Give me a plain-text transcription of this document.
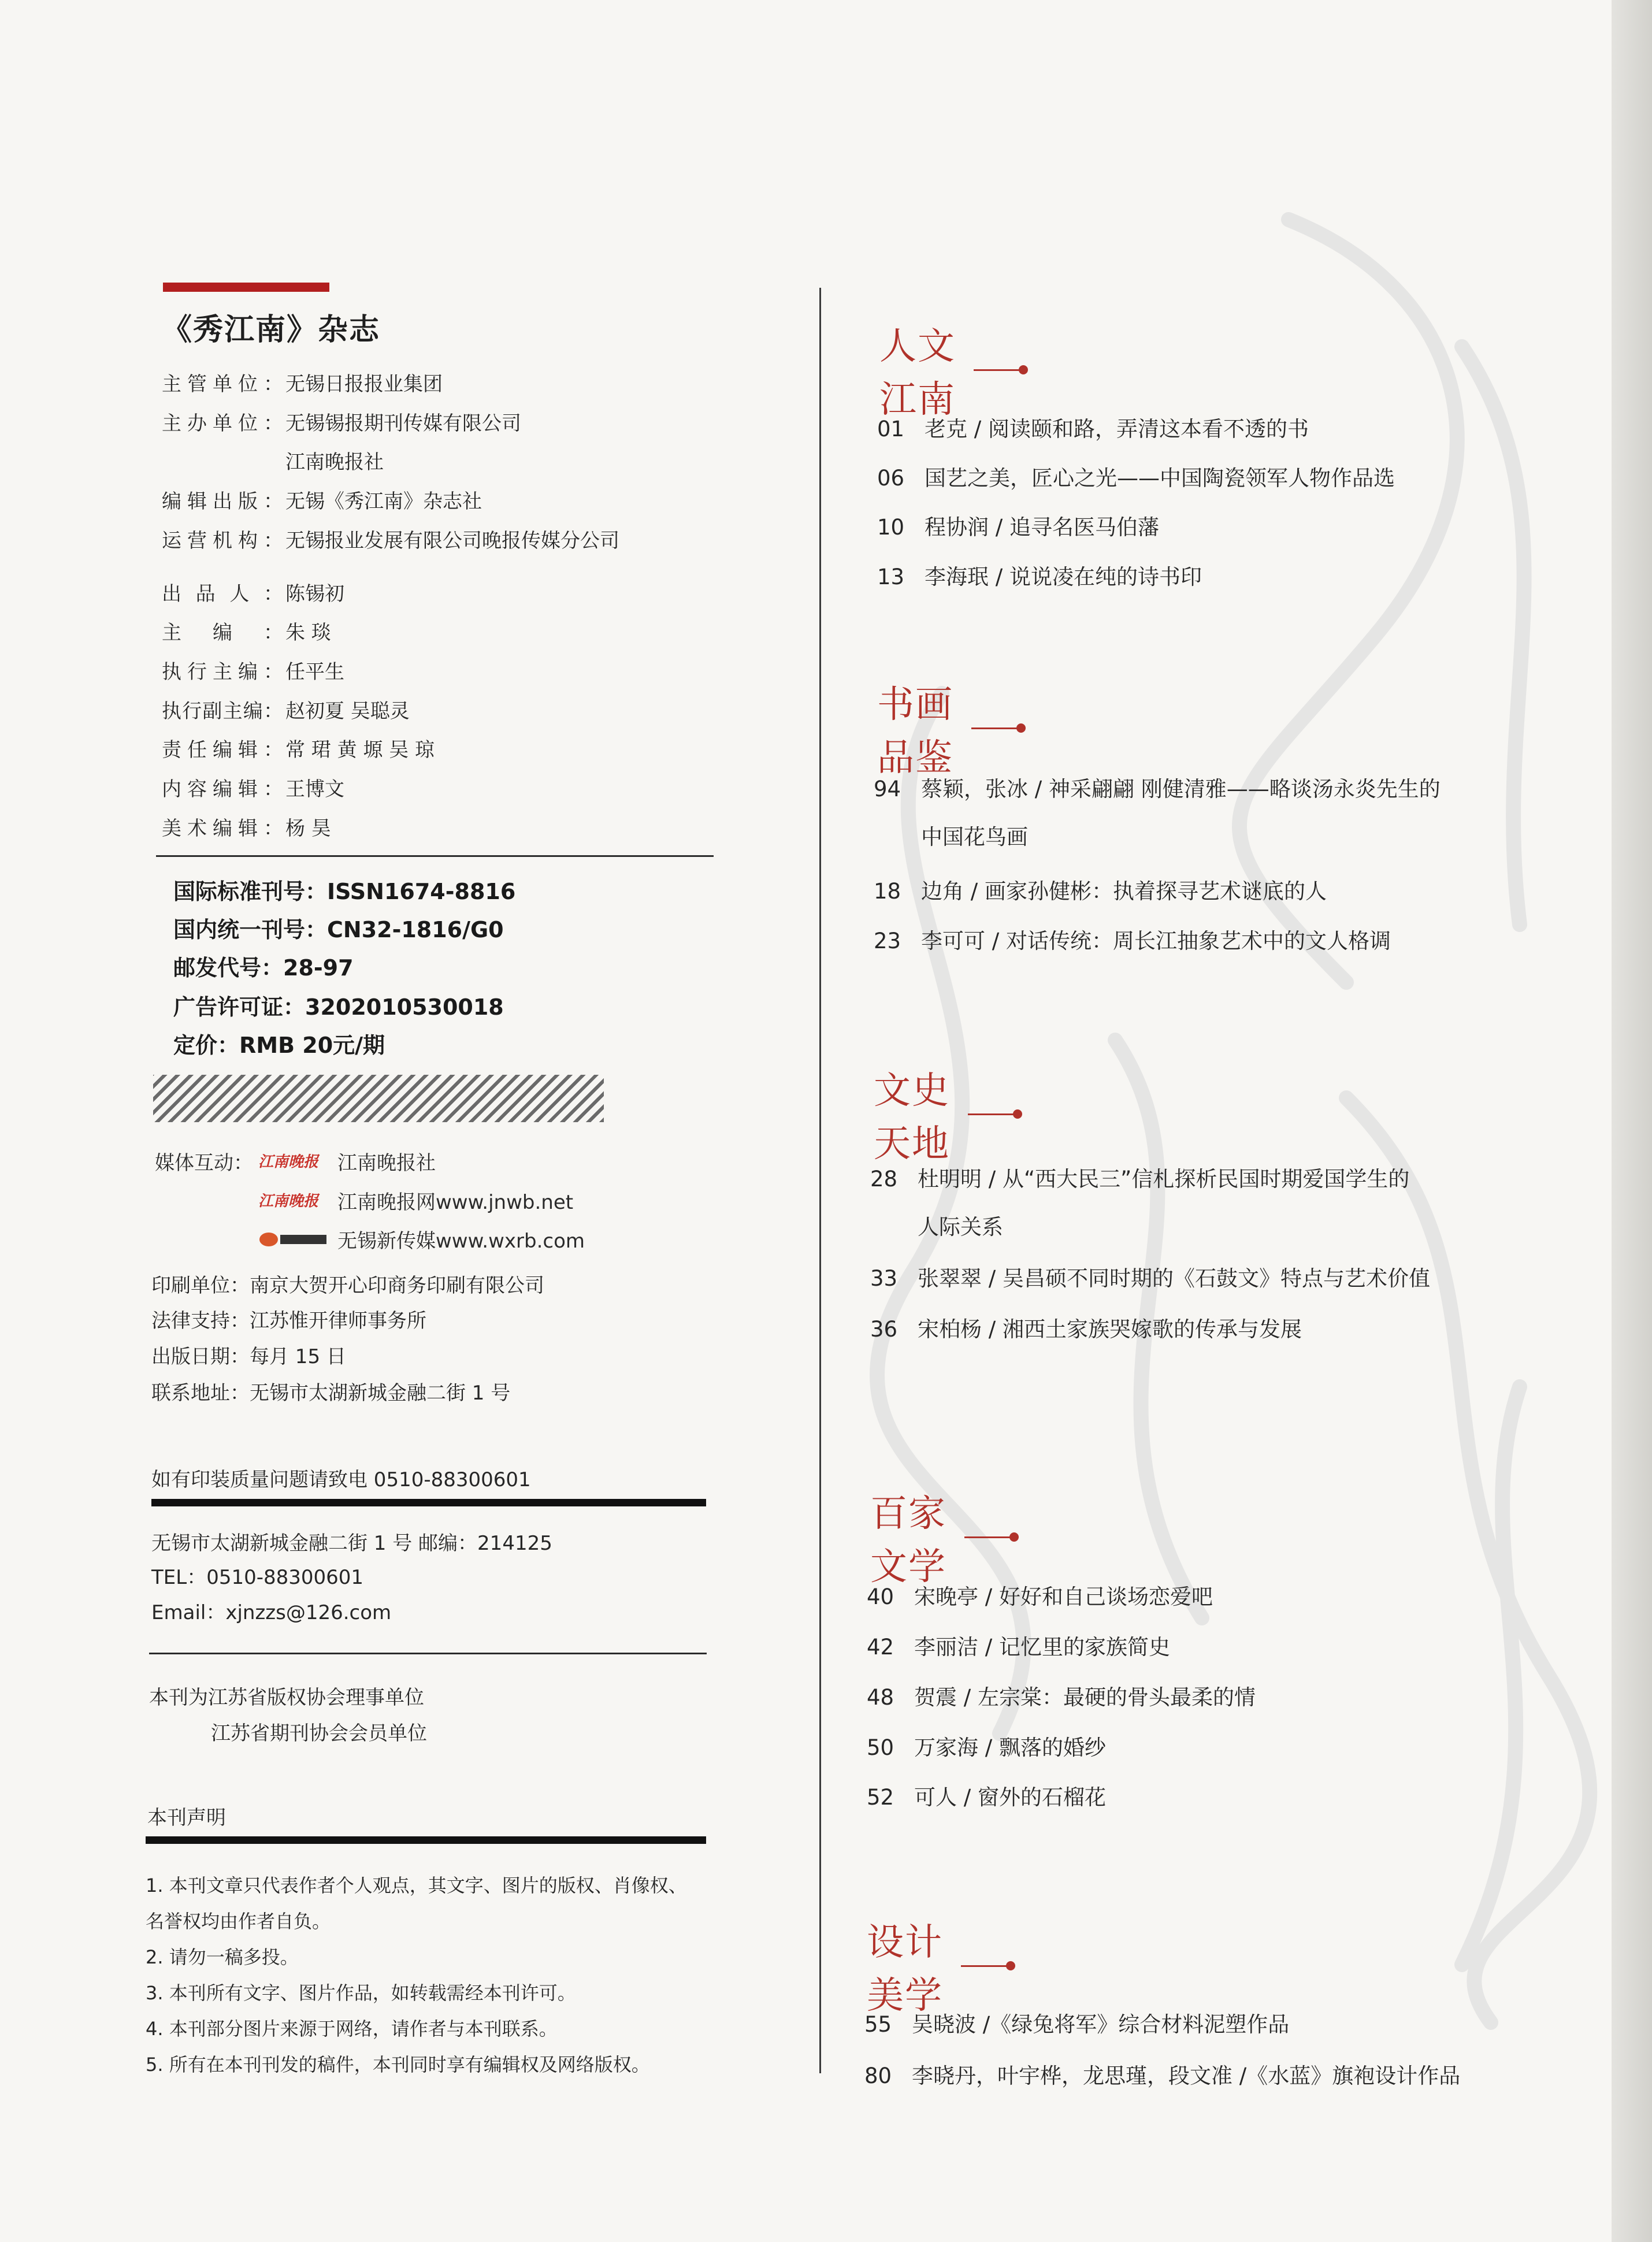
《秀江南》杂志
主管单位： 无锡日报报业集团
主办单位： 无锡锡报期刊传媒有限公司
江南晚报社
编辑出版： 无锡《秀江南》杂志社
运营机构： 无锡报业发展有限公司晚报传媒分公司
出品人： 陈锡初
主编： 朱 琰
执行主编： 任平生
执行副主编： 赵初夏 吴聪灵
责任编辑： 常 珺 黄 塬 吴 琼
内容编辑： 王博文
美术编辑： 杨 昊
国际标准刊号：ISSN1674-8816
国内统一刊号：CN32-1816/G0
邮发代号：28-97
广告许可证：3202010530018
定价：RMB 20元/期
媒体互动： 江南晚报 江南晚报社
江南晚报 江南晚报网www.jnwb.net
无锡新传媒www.wxrb.com
印刷单位：南京大贺开心印商务印刷有限公司
法律支持：江苏惟开律师事务所
出版日期：每月 15 日
联系地址：无锡市太湖新城金融二街 1 号
如有印装质量问题请致电 0510-88300601
无锡市太湖新城金融二街 1 号 邮编：214125
TEL：0510-88300601
Email：xjnzzs@126.com
本刊为江苏省版权协会理事单位
江苏省期刊协会会员单位
本刊声明
1. 本刊文章只代表作者个人观点，其文字、图片的版权、肖像权、
名誉权均由作者自负。
2. 请勿一稿多投。
3. 本刊所有文字、图片作品，如转载需经本刊许可。
4. 本刊部分图片来源于网络，请作者与本刊联系。
5. 所有在本刊刊发的稿件，本刊同时享有编辑权及网络版权。
人文江南
01 老克 / 阅读颐和路，弄清这本看不透的书
06 国艺之美，匠心之光——中国陶瓷领军人物作品选
10 程协润 / 追寻名医马伯藩
13 李海珉 / 说说凌在纯的诗书印
书画品鉴
94 蔡颖，张冰 / 神采翩翩 刚健清雅——略谈汤永炎先生的
中国花鸟画
18 边角 / 画家孙健彬：执着探寻艺术谜底的人
23 李可可 / 对话传统：周长江抽象艺术中的文人格调
文史天地
28 杜明明 / 从“西大民三”信札探析民国时期爱国学生的
人际关系
33 张翠翠 / 吴昌硕不同时期的《石鼓文》特点与艺术价值
36 宋柏杨 / 湘西土家族哭嫁歌的传承与发展
百家文学
40 宋晚亭 / 好好和自己谈场恋爱吧
42 李丽洁 / 记忆里的家族简史
48 贺震 / 左宗棠：最硬的骨头最柔的情
50 万家海 / 飘落的婚纱
52 可人 / 窗外的石榴花
设计美学
55 吴晓波 /《绿兔将军》综合材料泥塑作品
80 李晓丹，叶宇桦，龙思瑾，段文准 /《水蓝》旗袍设计作品
